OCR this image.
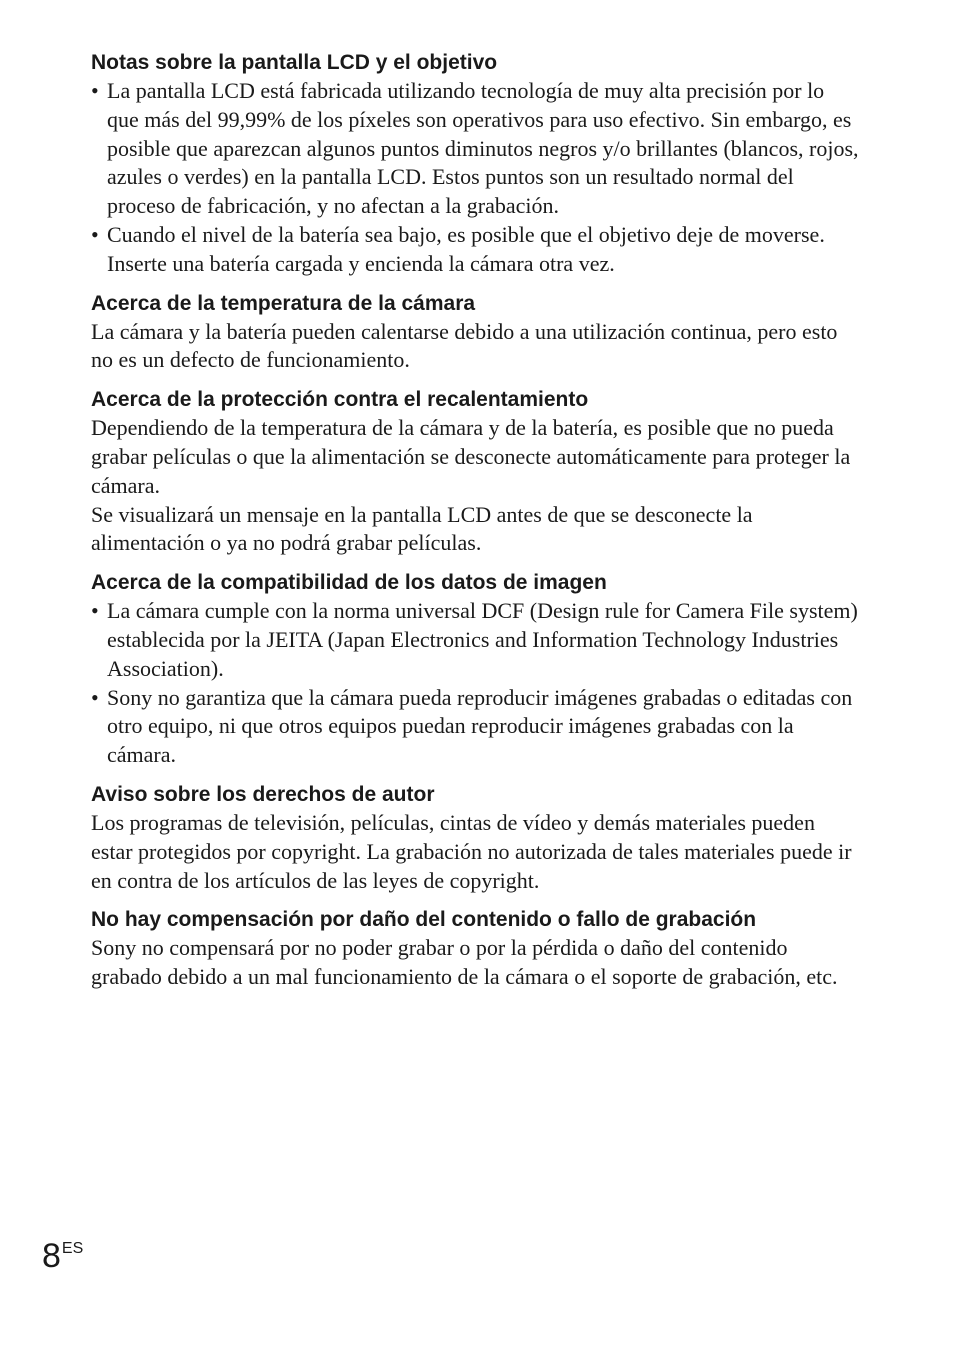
Notas sobre la pantalla LCD y el objetivo
• La pantalla LCD está fabricada utilizando tecnología de muy alta precisión por lo que más del 99,99% de los píxeles son operativos para uso efectivo. Sin embargo, es posible que aparezcan algunos puntos diminutos negros y/o brillantes (blancos, rojos, azules o verdes) en la pantalla LCD. Estos puntos son un resultado normal del proceso de fabricación, y no afectan a la grabación.
• Cuando el nivel de la batería sea bajo, es posible que el objetivo deje de moverse. Inserte una batería cargada y encienda la cámara otra vez.
Acerca de la temperatura de la cámara

La cámara y la batería pueden calentarse debido a una utilización continua, pero esto no es un defecto de funcionamiento.

Acerca de la protección contra el recalentamiento

Dependiendo de la temperatura de la cámara y de la batería, es posible que no pueda grabar películas o que la alimentación se desconecte automáticamente para proteger la cámara.
Se visualizará un mensaje en la pantalla LCD antes de que se desconecte la alimentación o ya no podrá grabar películas.

Acerca de la compatibilidad de los datos de imagen
• La cámara cumple con la norma universal DCF (Design rule for Camera File system) establecida por la JEITA (Japan Electronics and Information Technology Industries Association).
• Sony no garantiza que la cámara pueda reproducir imágenes grabadas o editadas con otro equipo, ni que otros equipos puedan reproducir imágenes grabadas con la cámara.
Aviso sobre los derechos de autor

Los programas de televisión, películas, cintas de vídeo y demás materiales pueden estar protegidos por copyright. La grabación no autorizada de tales materiales puede ir en contra de los artículos de las leyes de copyright.

No hay compensación por daño del contenido o fallo de grabación

Sony no compensará por no poder grabar o por la pérdida o daño del contenido grabado debido a un mal funcionamiento de la cámara o el soporte de grabación, etc.

8ES
